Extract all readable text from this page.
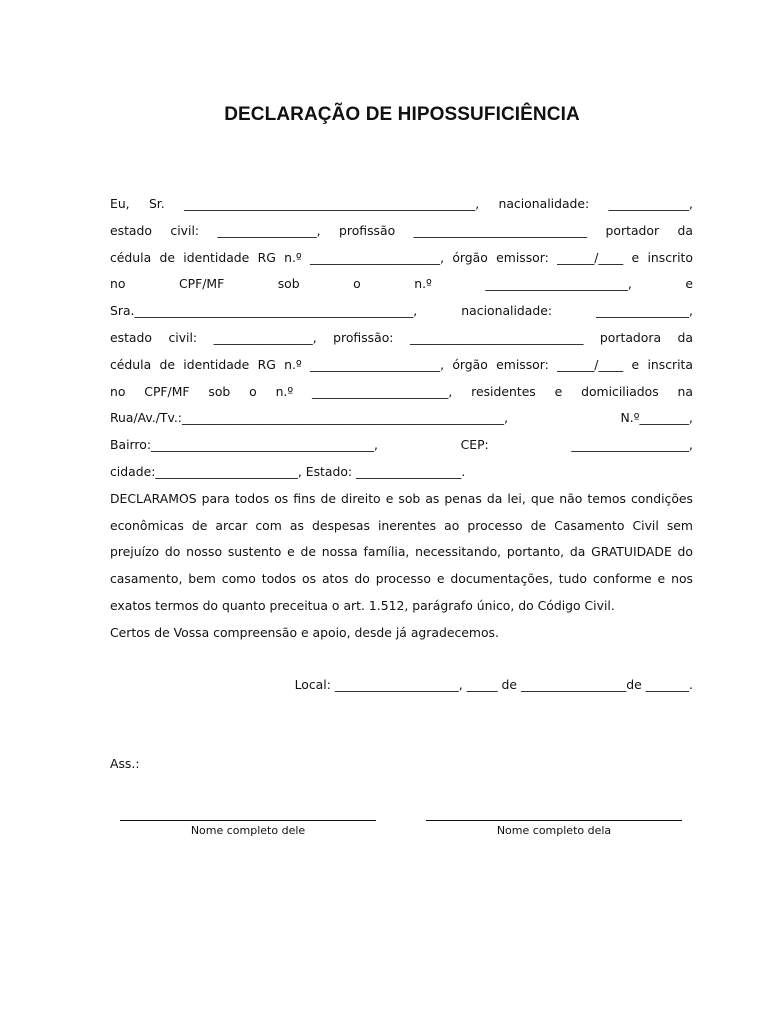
DECLARAÇÃO DE HIPOSSUFICIÊNCIA
Eu, Sr. _______________________________________________, nacionalidade: _____________,
estado civil: ________________, profissão ____________________________ portador da
cédula de identidade RG n.º _____________________, órgão emissor: ______/____ e inscrito
no CPF/MF sob o n.º _______________________, e
Sra._____________________________________________, nacionalidade: _______________,
estado civil: ________________, profissão: ____________________________ portadora da
cédula de identidade RG n.º _____________________, órgão emissor: ______/____ e inscrita
no CPF/MF sob o n.º ______________________, residentes e domiciliados na
Rua/Av./Tv.:____________________________________________________, N.º________,
Bairro:____________________________________, CEP: ___________________,
cidade:_______________________, Estado: _________________.
DECLARAMOS para todos os fins de direito e sob as penas da lei, que não temos condições
econômicas de arcar com as despesas inerentes ao processo de Casamento Civil sem
prejuízo do nosso sustento e de nossa família, necessitando, portanto, da GRATUIDADE do
casamento, bem como todos os atos do processo e documentações, tudo conforme e nos
exatos termos do quanto preceitua o art. 1.512, parágrafo único, do Código Civil.
Certos de Vossa compreensão e apoio, desde já agradecemos.
Local: ____________________, _____ de _________________de _______.
Ass.:
Nome completo dele	Nome completo dela
